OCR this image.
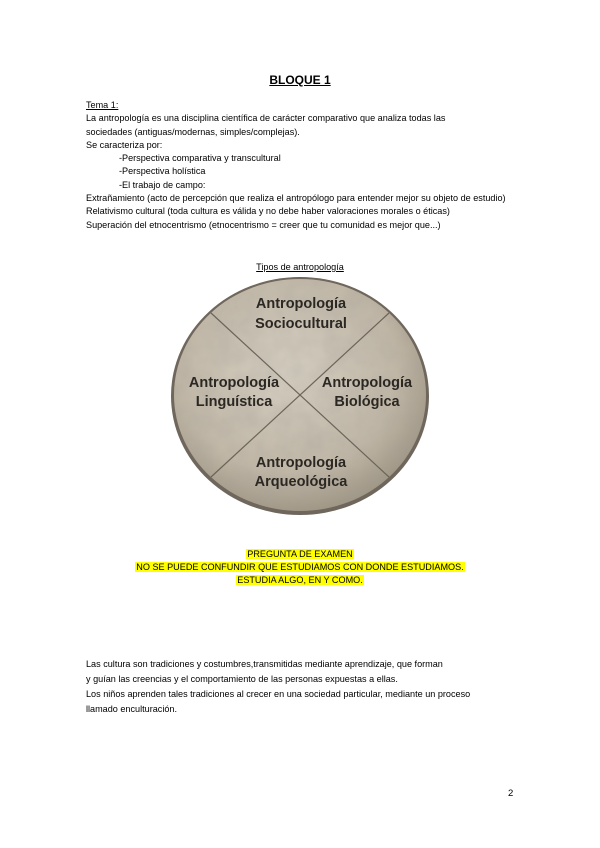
BLOQUE 1
Tema 1:
La antropología es una disciplina científica de carácter comparativo que analiza todas las
sociedades (antiguas/modernas, simples/complejas).
Se caracteriza por:
-Perspectiva comparativa y transcultural
-Perspectiva holística
-El trabajo de campo:
Extrañamiento (acto de percepción que realiza el antropólogo para entender mejor su objeto de estudio)
Relativismo cultural (toda cultura es válida y no debe haber valoraciones morales o éticas)
Superación del etnocentrismo (etnocentrismo = creer que tu comunidad es mejor que...)
Tipos de antropología
Antropología
Sociocultural
Antropología
Linguística
Antropología
Biológica
Antropología
Arqueológica
PREGUNTA DE EXAMEN
NO SE PUEDE CONFUNDIR QUE ESTUDIAMOS CON DONDE ESTUDIAMOS.
ESTUDIA ALGO, EN Y COMO.
Las cultura son tradiciones y costumbres,transmitidas mediante aprendizaje, que forman
y guían las creencias y el comportamiento de las personas expuestas a ellas.
Los niños aprenden tales tradiciones al crecer en una sociedad particular, mediante un proceso
llamado enculturación.
2
